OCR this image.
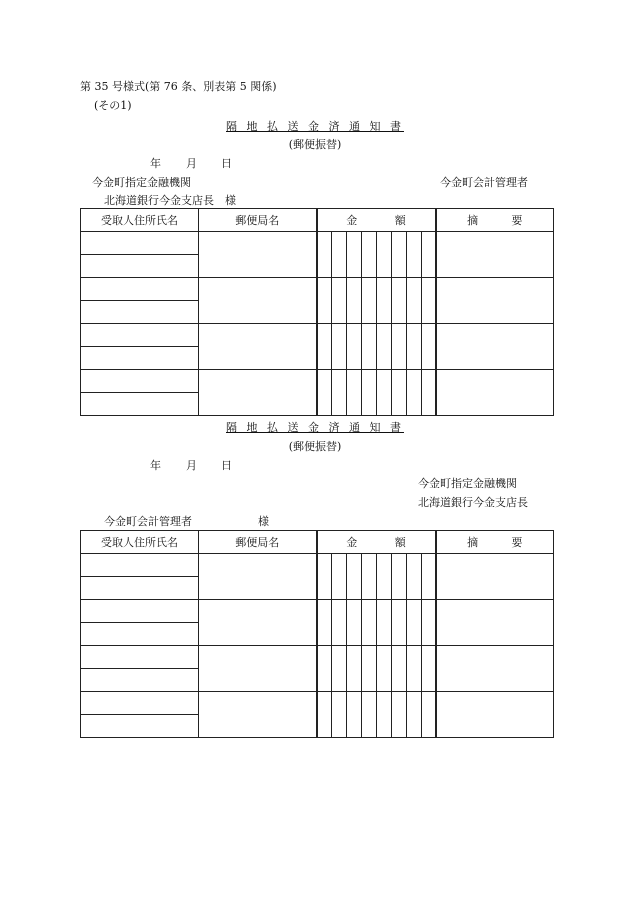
第 35 号様式(第 76 条、別表第 5 関係)
(その1)
隔 地 払 送 金 済 通 知 書
(郵便振替)
年 月 日
今金町指定金融機関	今金町会計管理者
北海道銀行今金支店長　様
受取人住所氏名	郵便局名	金 額								摘 要

隔 地 払 送 金 済 通 知 書
(郵便振替)
年 月 日
今金町指定金融機関
北海道銀行今金支店長
今金町会計管理者　　　　　　様
受取人住所氏名	郵便局名	金 額								摘 要
